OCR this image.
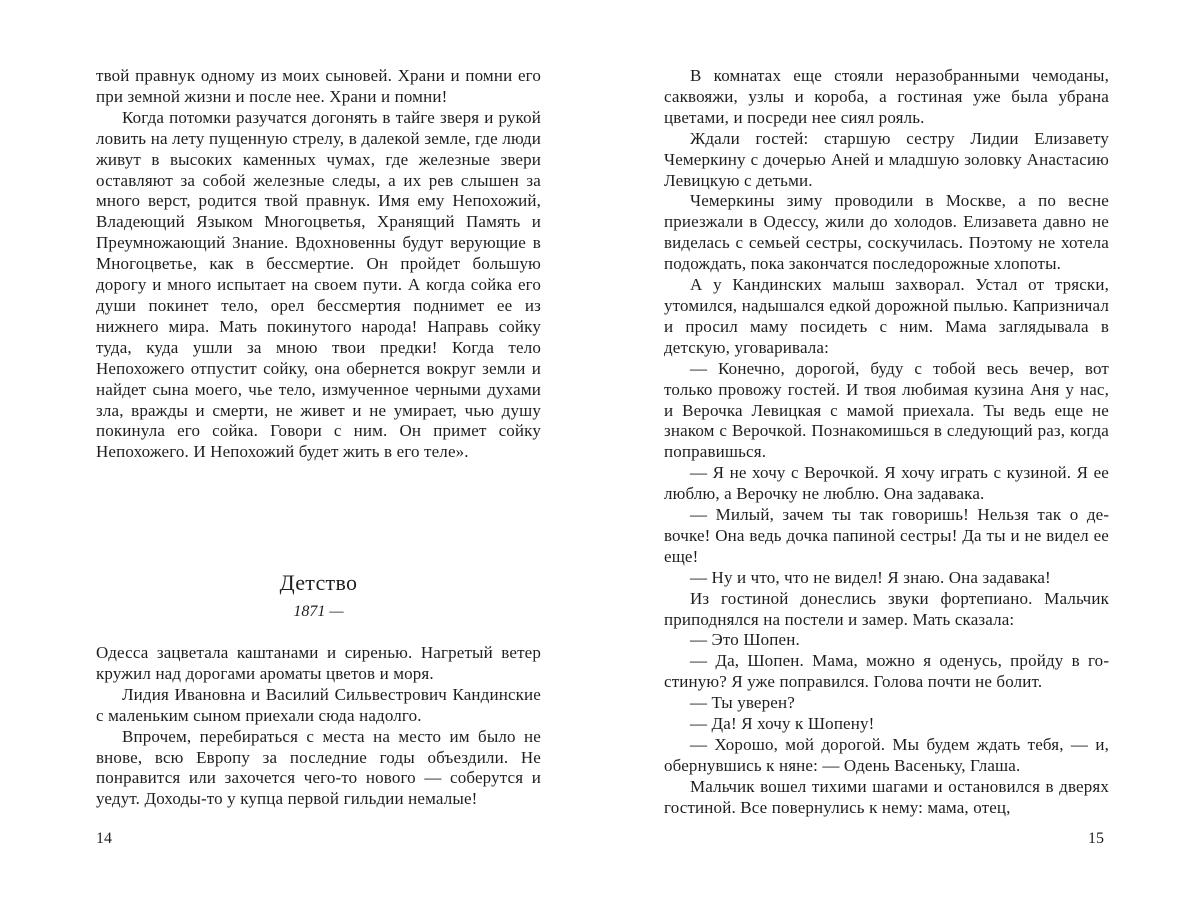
твой правнук одному из моих сыновей. Храни и помни его при земной жизни и после нее. Храни и помни!

Когда потомки разучатся догонять в тайге зверя и рукой ловить на лету пущенную стрелу, в далекой земле, где люди живут в высоких каменных чумах, где железные звери оставляют за собой железные следы, а их рев слышен за много верст, родится твой правнук. Имя ему Непохожий, Владеющий Языком Многоцветья, Хранящий Память и Преумножающий Знание. Вдохновенны будут верующие в Многоцветье, как в бессмертие. Он пройдет большую дорогу и много испытает на своем пути. А когда сойка его души покинет тело, орел бессмертия поднимет ее из нижнего мира. Мать покинутого народа! Направь сойку туда, куда ушли за мною твои предки! Когда тело Непохожего отпустит сойку, она обернется вокруг земли и найдет сына моего, чье тело, измученное черными духами зла, вражды и смерти, не живет и не умирает, чью душу покинула его сойка. Говори с ним. Он примет сойку Непохожего. И Непохожий будет жить в его теле».

Детство
1871 —

Одесса зацветала каштанами и сиренью. Нагретый ветер кружил над дорогами ароматы цветов и моря.

Лидия Ивановна и Василий Сильвестрович Кандинские с маленьким сыном приехали сюда надолго.

Впрочем, перебираться с места на место им было не внове, всю Европу за последние годы объездили. Не понравится или захочется чего-то нового — соберутся и уедут. Доходы-то у купца первой гильдии немалые!

В комнатах еще стояли неразобранными чемоданы, саквояжи, узлы и короба, а гостиная уже была убрана цветами, и посреди нее сиял рояль.

Ждали гостей: старшую сестру Лидии Елизавету Чемеркину с дочерью Аней и младшую золовку Анастасию Левицкую с детьми.

Чемеркины зиму проводили в Москве, а по весне приезжали в Одессу, жили до холодов. Елизавета давно не виделась с семьей сестры, соскучилась. Поэтому не хотела подождать, пока закончатся последорожные хлопоты.

А у Кандинских малыш захворал. Устал от тряски, утомился, надышался едкой дорожной пылью. Капризничал и просил маму посидеть с ним. Мама заглядывала в детскую, уговаривала:

— Конечно, дорогой, буду с тобой весь вечер, вот только провожу гостей. И твоя любимая кузина Аня у нас, и Верочка Левицкая с мамой приехала. Ты ведь еще не знаком с Верочкой. Познакомишься в следующий раз, когда поправишься.

— Я не хочу с Верочкой. Я хочу играть с кузиной. Я ее люблю, а Верочку не люблю. Она задавака.

— Милый, зачем ты так говоришь! Нельзя так о девочке! Она ведь дочка папиной сестры! Да ты и не видел ее еще!

— Ну и что, что не видел! Я знаю. Она задавака!

Из гостиной донеслись звуки фортепиано. Мальчик приподнялся на постели и замер. Мать сказала:

— Это Шопен.

— Да, Шопен. Мама, можно я оденусь, пройду в гостиную? Я уже поправился. Голова почти не болит.

— Ты уверен?

— Да! Я хочу к Шопену!

— Хорошо, мой дорогой. Мы будем ждать тебя, — и, обернувшись к няне: — Одень Васеньку, Глаша.

Мальчик вошел тихими шагами и остановился в дверях гостиной. Все повернулись к нему: мама, отец,

14	15
